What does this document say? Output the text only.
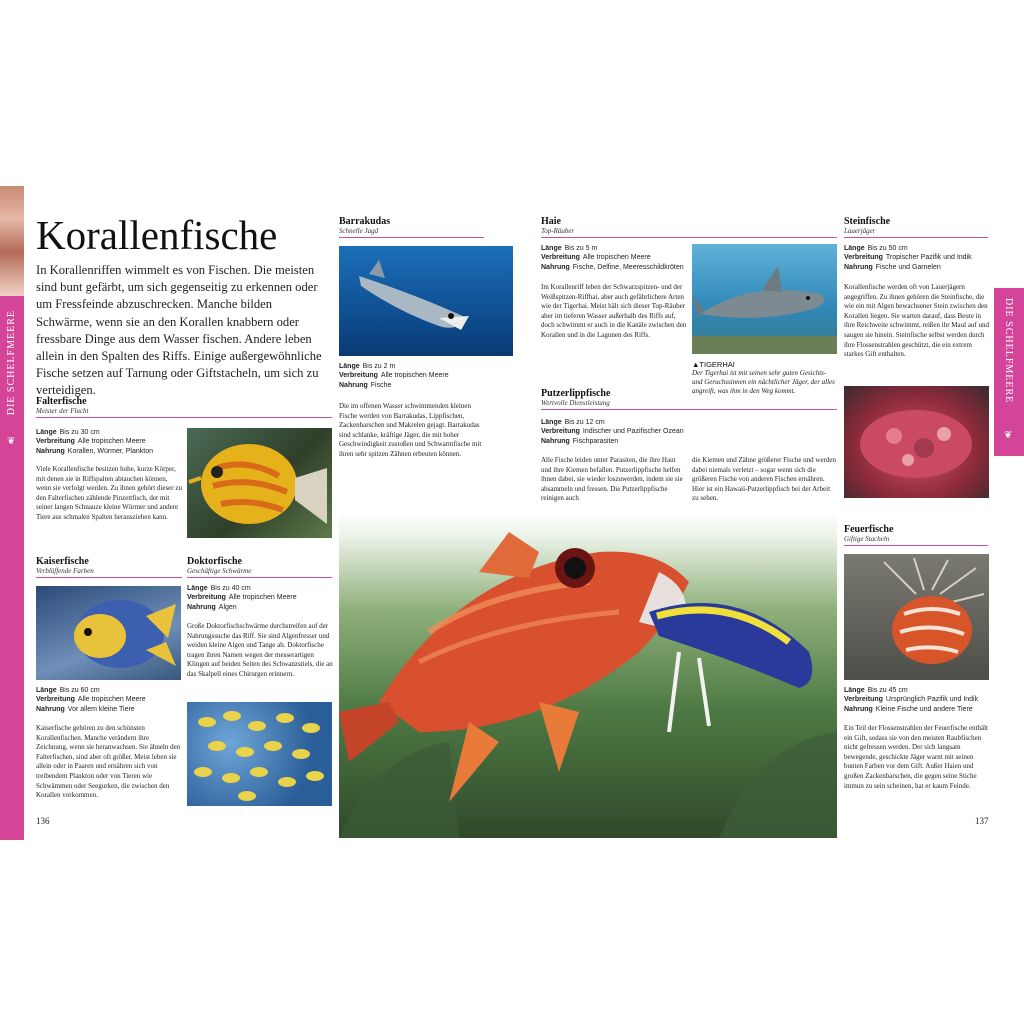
DIE SCHELFMEERE
❦
DIE SCHELFMEERE
❦
Korallenfische
In Korallenriffen wimmelt es von Fischen. Die meisten sind bunt gefärbt, um sich gegenseitig zu erkennen oder um Fressfeinde abzuschrecken. Manche bilden Schwärme, wenn sie an den Korallen knabbern oder fressbare Dinge aus dem Wasser fischen. Andere leben allein in den Spalten des Riffs. Einige außergewöhnliche Fische setzen auf Tarnung oder Giftstacheln, um sich zu verteidigen.
Falterfische
Meister der Flucht
Länge Bis zu 30 cm
Verbreitung Alle tropischen Meere
Nahrung Korallen, Würmer, Plankton
Viele Korallenfische besitzen hohe, kurze Körper, mit denen sie in Riffspalten abtauchen können, wenn sie verfolgt werden. Zu ihnen gehört dieser zu den Falterfischen zählende Pinzettfisch, der mit seiner langen Schnauze kleine Würmer und andere Tiere aus schmalen Spalten herausziehen kann.
Kaiserfische
Verblüffende Farben
Länge Bis zu 60 cm
Verbreitung Alle tropischen Meere
Nahrung Vor allem kleine Tiere
Kaiserfische gehören zu den schönsten Korallenfischen. Manche verändern ihre Zeichnung, wenn sie heranwachsen. Sie ähneln den Falterfischen, sind aber oft größer. Meist leben sie allein oder in Paaren und ernähren sich von treibendem Plankton oder von Tieren wie Schwämmen oder Seegurken, die zwischen den Korallen vorkommen.
136
Doktorfische
Geschäftige Schwärme
Länge Bis zu 40 cm
Verbreitung Alle tropischen Meere
Nahrung Algen
Große Doktorfischschwärme durchstreifen auf der Nahrungssuche das Riff. Sie sind Algenfresser und weiden kleine Algen und Tange ab. Doktorfische tragen ihren Namen wegen der messerartigen Klingen auf beiden Seiten des Schwanzstiels, die an das Skalpell eines Chirurgen erinnern.
Barrakudas
Schnelle Jagd
Länge Bis zu 2 m
Verbreitung Alle tropischen Meere
Nahrung Fische
Die im offenen Wasser schwimmenden kleinen Fische werden von Barrakudas, Lippfischen, Zackenbarschen und Makrelen gejagt. Barrakudas sind schlanke, kräftige Jäger, die mit hoher Geschwindigkeit zustoßen und Schwarmfische mit ihren sehr spitzen Zähnen erbeuten können.
Haie
Top-Räuber
Länge Bis zu 5 m
Verbreitung Alle tropischen Meere
Nahrung Fische, Delfine, Meeresschildkröten
Im Korallenriff leben der Schwarzspitzen- und der Weißspitzen-Riffhai, aber auch gefährlichere Arten wie der Tigerhai. Meist hält sich dieser Top-Räuber aber im tieferen Wasser außerhalb des Riffs auf, doch schwimmt er auch in die Kanäle zwischen den Korallen und in die Lagunen des Riffs.
▲TIGERHAI
Der Tigerhai ist mit seinen sehr guten Gesichts- und Geruchssinnen ein nächtlicher Jäger, der alles angreift, was ihm in den Weg kommt.
Putzerlippfische
Wertvolle Dienstleistung
Länge Bis zu 12 cm
Verbreitung Indischer und Pazifischer Ozean
Nahrung Fischparasiten
Alle Fische leiden unter Parasiten, die ihre Haut und ihre Kiemen befallen. Putzerlippfische helfen ihnen dabei, sie wieder loszuwerden, indem sie sie absammeln und fressen. Die Putzerlippfische reinigen auch
die Kiemen und Zähne größerer Fische und werden dabei niemals verletzt – sogar wenn sich die größeren Fische von anderen Fischen ernähren. Hier ist ein Hawaii-Putzerlippfisch bei der Arbeit zu sehen.
Steinfische
Lauerjäger
Länge Bis zu 50 cm
Verbreitung Tropischer Pazifik und Indik
Nahrung Fische und Garnelen
Korallenfische werden oft von Lauerjägern angegriffen. Zu ihnen gehören die Steinfische, die wie ein mit Algen bewachsener Stein zwischen den Korallen liegen. Sie warten darauf, dass Beute in ihre Reichweite schwimmt, reißen ihr Maul auf und saugen sie hinein. Steinfische selbst werden durch ihre Flossenstrahlen geschützt, die ein extrem starkes Gift enthalten.
Feuerfische
Giftige Stacheln
Länge Bis zu 45 cm
Verbreitung Ursprünglich Pazifik und Indik
Nahrung Kleine Fische und andere Tiere
Ein Teil der Flossenstrahlen der Feuerfische enthält ein Gift, sodass sie von den meisten Raubfischen nicht gefressen werden. Der sich langsam bewegende, geschickte Jäger warnt mit seinen bunten Farben vor dem Gift. Außer Haien und großen Zackenbarschen, die gegen seine Stiche immun zu sein scheinen, hat er kaum Feinde.
137
